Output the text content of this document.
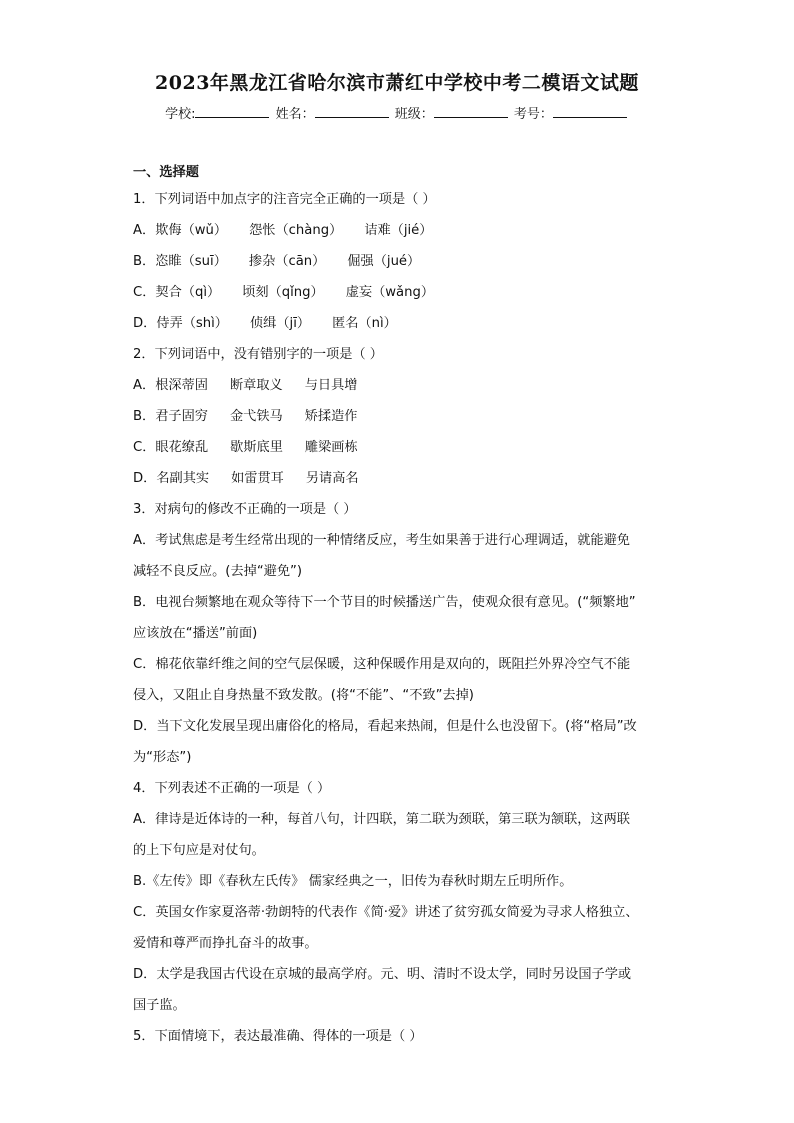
2023年黑龙江省哈尔滨市萧红中学校中考二模语文试题
学校:	姓名：	班级：	考号：
一、选择题
1．下列词语中加点字的注音完全正确的一项是（ ）
A．欺侮（wǔ） 怨怅（chàng） 诘难（jié）
B．恣睢（suī） 掺杂（cān） 倔强（jué）
C．契合（qì） 顷刻（qǐng） 虚妄（wǎng）
D．侍弄（shì） 侦缉（jī） 匿名（nì）
2．下列词语中，没有错别字的一项是（ ）
A．根深蒂固 断章取义 与日具增
B．君子固穷 金弋铁马 矫揉造作
C．眼花缭乱 歇斯底里 雕梁画栋
D．名副其实 如雷贯耳 另请高名
3．对病句的修改不正确的一项是（ ）
A．考试焦虑是考生经常出现的一种情绪反应，考生如果善于进行心理调适，就能避免
减轻不良反应。(去掉“避免”)
B．电视台频繁地在观众等待下一个节目的时候播送广告，使观众很有意见。(“频繁地”
应该放在“播送”前面)
C．棉花依靠纤维之间的空气层保暖，这种保暖作用是双向的，既阻拦外界冷空气不能
侵入，又阻止自身热量不致发散。(将“不能”、“不致”去掉)
D．当下文化发展呈现出庸俗化的格局，看起来热闹，但是什么也没留下。(将“格局”改
为“形态”)
4．下列表述不正确的一项是（ ）
A．律诗是近体诗的一种，每首八句，计四联，第二联为颈联，第三联为颔联，这两联
的上下句应是对仗句。
B.《左传》即《春秋左氏传》 儒家经典之一，旧传为春秋时期左丘明所作。
C．英国女作家夏洛蒂·勃朗特的代表作《简·爱》讲述了贫穷孤女简爱为寻求人格独立、
爱情和尊严而挣扎奋斗的故事。
D．太学是我国古代设在京城的最高学府。元、明、清时不设太学，同时另设国子学或
国子监。
5．下面情境下，表达最准确、得体的一项是（ ）
